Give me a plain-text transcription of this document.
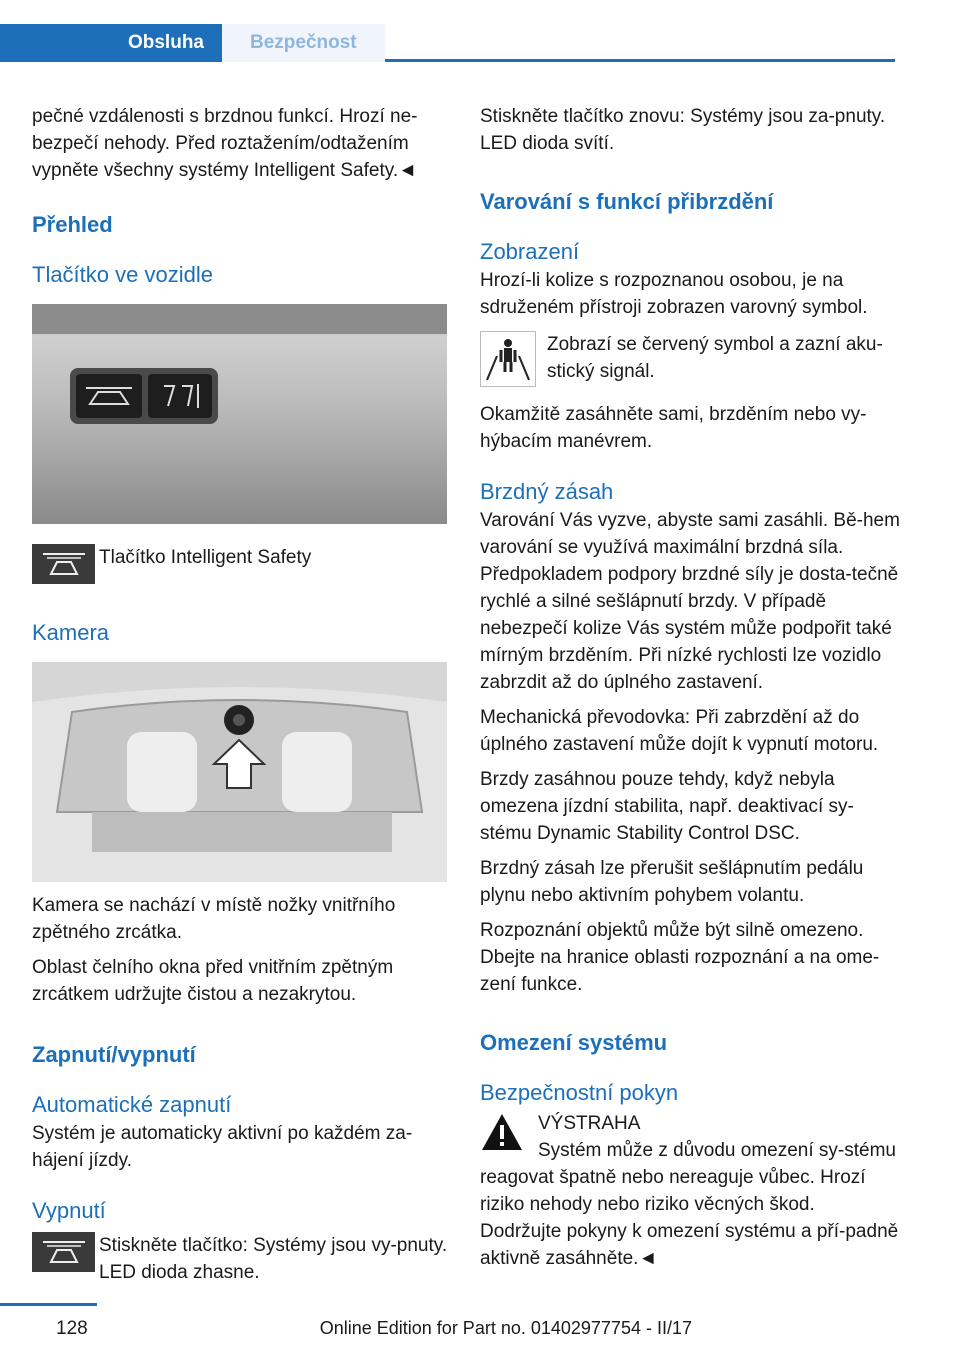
Obsluha	Bezpečnost

pečné vzdálenosti s brzdnou funkcí. Hrozí ne-

bezpečí nehody. Před roztažením/odtažením

vypněte všechny systémy Intelligent Safety.◄

Přehled
Tlačítko ve vozidle
Tlačítko Intelligent Safety
Kamera

Kamera se nachází v místě nožky vnitřního zpětného zrcátka.

Oblast čelního okna před vnitřním zpětným zrcátkem udržujte čistou a nezakrytou.

Zapnutí/vypnutí
Automatické zapnutí

Systém je automaticky aktivní po každém za-hájení jízdy.

Vypnutí
Stiskněte tlačítko: Systémy jsou vy-pnuty. LED dioda zhasne.

Stiskněte tlačítko znovu: Systémy jsou za-pnuty. LED dioda svítí.

Varování s funkcí přibrzdění
Zobrazení

Hrozí-li kolize s rozpoznanou osobou, je na sdruženém přístroji zobrazen varovný symbol.

Zobrazí se červený symbol a zazní aku-stický signál.

Okamžitě zasáhněte sami, brzděním nebo vy-hýbacím manévrem.

Brzdný zásah

Varování Vás vyzve, abyste sami zasáhli. Bě-hem varování se využívá maximální brzdná síla. Předpokladem podpory brzdné síly je dosta-tečně rychlé a silné sešlápnutí brzdy. V případě nebezpečí kolize Vás systém může podpořit také mírným brzděním. Při nízké rychlosti lze vozidlo zabrzdit až do úplného zastavení.

Mechanická převodovka: Při zabrzdění až do úplného zastavení může dojít k vypnutí motoru.

Brzdy zasáhnou pouze tehdy, když nebyla omezena jízdní stabilita, např. deaktivací sy-stému Dynamic Stability Control DSC.

Brzdný zásah lze přerušit sešlápnutím pedálu plynu nebo aktivním pohybem volantu.

Rozpoznání objektů může být silně omezeno. Dbejte na hranice oblasti rozpoznání a na ome-zení funkce.

Omezení systému
Bezpečnostní pokyn
VÝSTRAHA
Systém může z důvodu omezení sy-stému reagovat špatně nebo nereaguje vůbec. Hrozí riziko nehody nebo riziko věcných škod. Dodržujte pokyny k omezení systému a pří-padně aktivně zasáhněte.◄
128	Online Edition for Part no. 01402977754 - II/17
